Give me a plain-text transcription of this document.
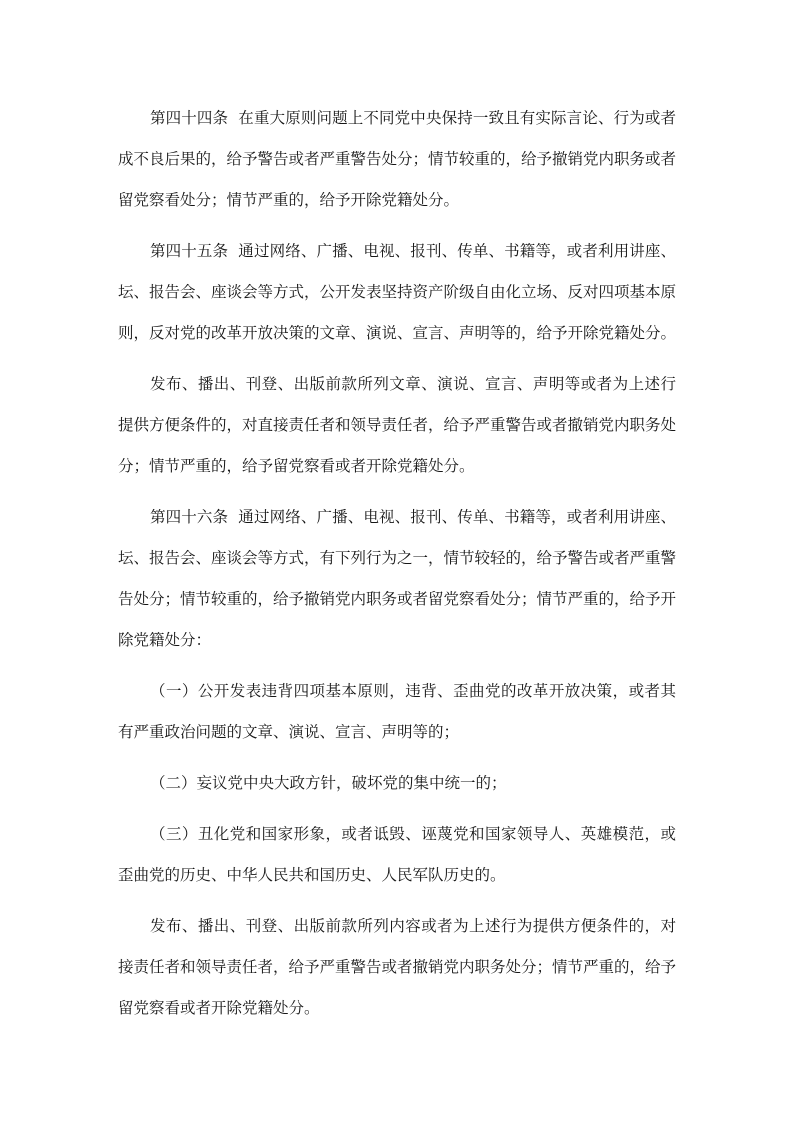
第四十四条  在重大原则问题上不同党中央保持一致且有实际言论、行为或者
成不良后果的，给予警告或者严重警告处分；情节较重的，给予撤销党内职务或者
留党察看处分；情节严重的，给予开除党籍处分。
第四十五条  通过网络、广播、电视、报刊、传单、书籍等，或者利用讲座、
坛、报告会、座谈会等方式，公开发表坚持资产阶级自由化立场、反对四项基本原
则，反对党的改革开放决策的文章、演说、宣言、声明等的，给予开除党籍处分。
发布、播出、刊登、出版前款所列文章、演说、宣言、声明等或者为上述行
提供方便条件的，对直接责任者和领导责任者，给予严重警告或者撤销党内职务处
分；情节严重的，给予留党察看或者开除党籍处分。
第四十六条  通过网络、广播、电视、报刊、传单、书籍等，或者利用讲座、
坛、报告会、座谈会等方式，有下列行为之一，情节较轻的，给予警告或者严重警
告处分；情节较重的，给予撤销党内职务或者留党察看处分；情节严重的，给予开
除党籍处分：
（一）公开发表违背四项基本原则，违背、歪曲党的改革开放决策，或者其
有严重政治问题的文章、演说、宣言、声明等的；
（二）妄议党中央大政方针，破坏党的集中统一的；
（三）丑化党和国家形象，或者诋毁、诬蔑党和国家领导人、英雄模范，或
歪曲党的历史、中华人民共和国历史、人民军队历史的。
发布、播出、刊登、出版前款所列内容或者为上述行为提供方便条件的，对
接责任者和领导责任者，给予严重警告或者撤销党内职务处分；情节严重的，给予
留党察看或者开除党籍处分。
